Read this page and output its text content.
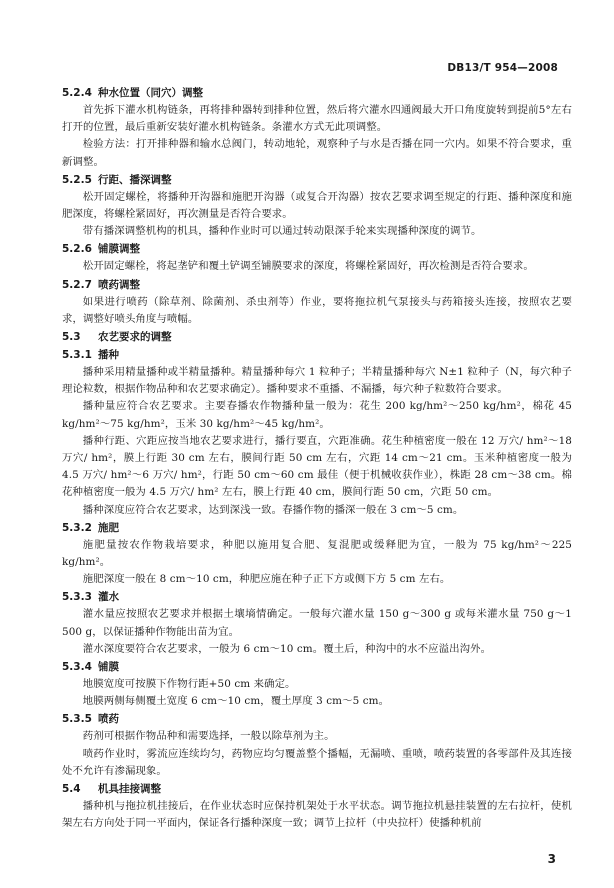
DB13/T 954—2008
5.2.4 种水位置（同穴）调整

首先拆下灌水机构链条，再将排种器转到排种位置，然后将穴灌水四通阀最大开口角度旋转到提前5°左右打开的位置，最后重新安装好灌水机构链条。条灌水方式无此项调整。

检验方法：打开排种器和输水总阀门，转动地轮，观察种子与水是否播在同一穴内。如果不符合要求，重新调整。

5.2.5 行距、播深调整

松开固定螺栓，将播种开沟器和施肥开沟器（或复合开沟器）按农艺要求调至规定的行距、播种深度和施肥深度，将螺栓紧固好，再次测量是否符合要求。

带有播深调整机构的机具，播种作业时可以通过转动限深手轮来实现播种深度的调节。

5.2.6 铺膜调整

松开固定螺栓，将起垄铲和覆土铲调至铺膜要求的深度，将螺栓紧固好，再次检测是否符合要求。

5.2.7 喷药调整

如果进行喷药（除草剂、除菌剂、杀虫剂等）作业，要将拖拉机气泵接头与药箱接头连接，按照农艺要求，调整好喷头角度与喷幅。

5.3 农艺要求的调整
5.3.1 播种

播种采用精量播种或半精量播种。精量播种每穴 1 粒种子；半精量播种每穴 N±1 粒种子（N，每穴种子理论粒数，根据作物品种和农艺要求确定）。播种要求不重播、不漏播，每穴种子粒数符合要求。

播种量应符合农艺要求。主要春播农作物播种量一般为：花生 200 kg/hm²～250 kg/hm²，棉花 45 kg/hm²～75 kg/hm²，玉米 30 kg/hm²～45 kg/hm²。

播种行距、穴距应按当地农艺要求进行，播行要直，穴距准确。花生种植密度一般在 12 万穴/ hm²～18 万穴/ hm²，膜上行距 30 cm 左右，膜间行距 50 cm 左右，穴距 14 cm～21 cm。玉米种植密度一般为 4.5 万穴/ hm²～6 万穴/ hm²，行距 50 cm～60 cm 最佳（便于机械收获作业），株距 28 cm～38 cm。棉花种植密度一般为 4.5 万穴/ hm² 左右，膜上行距 40 cm，膜间行距 50 cm，穴距 50 cm。

播种深度应符合农艺要求，达到深浅一致。春播作物的播深一般在 3 cm～5 cm。

5.3.2 施肥

施肥量按农作物栽培要求，种肥以施用复合肥、复混肥或缓释肥为宜，一般为 75 kg/hm²～225 kg/hm²。

施肥深度一般在 8 cm～10 cm，种肥应施在种子正下方或侧下方 5 cm 左右。

5.3.3 灌水

灌水量应按照农艺要求并根据土壤墒情确定。一般每穴灌水量 150 g～300 g 或每米灌水量 750 g～1 500 g，以保证播种作物能出苗为宜。

灌水深度要符合农艺要求，一般为 6 cm～10 cm。覆土后，种沟中的水不应溢出沟外。

5.3.4 铺膜

地膜宽度可按膜下作物行距+50 cm 来确定。

地膜两侧每侧覆土宽度 6 cm～10 cm，覆土厚度 3 cm～5 cm。

5.3.5 喷药

药剂可根据作物品种和需要选择，一般以除草剂为主。

喷药作业时，雾流应连续均匀，药物应均匀覆盖整个播幅，无漏喷、重喷，喷药装置的各零部件及其连接处不允许有渗漏现象。

5.4 机具挂接调整

播种机与拖拉机挂接后，在作业状态时应保持机架处于水平状态。调节拖拉机悬挂装置的左右拉杆，使机架左右方向处于同一平面内，保证各行播种深度一致；调节上拉杆（中央拉杆）使播种机前

3
